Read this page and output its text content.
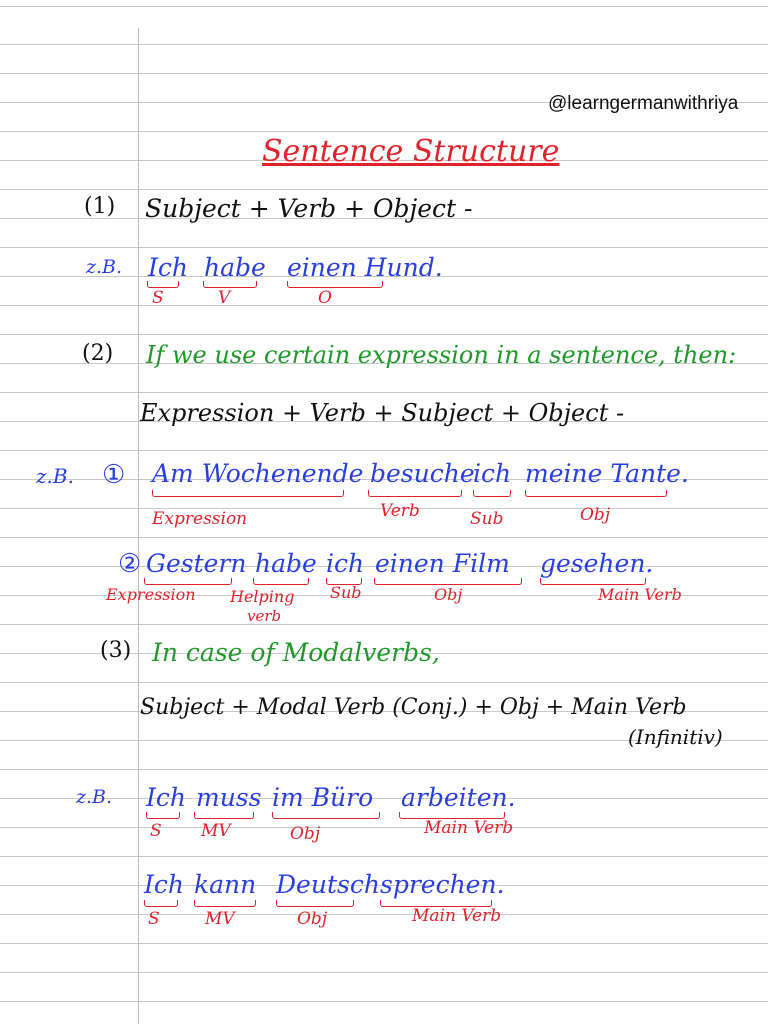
@learngermanwithriya
Sentence Structure
(1) Subject + Verb + Object -
z.B. Ich habe einen Hund.
S	V	O
(2) If we use certain expression in a sentence, then:
Expression + Verb + Subject + Object -
z.B. ① Am Wochenende besuche
ich meine Tante.
Expression	Verb	Sub	Obj
② Gestern habe ich einen Film gesehen.
Expression Helping
verb
Sub	Obj	Main Verb
(3) In case of Modalverbs,
Subject + Modal Verb (Conj.) + Obj + Main Verb
(Infinitiv)
z.B. Ich muss im Büro arbeiten.
S MV	Obj	Main Verb
Ich kann Deutsch sprechen.
S	MV	Obj	Main Verb
